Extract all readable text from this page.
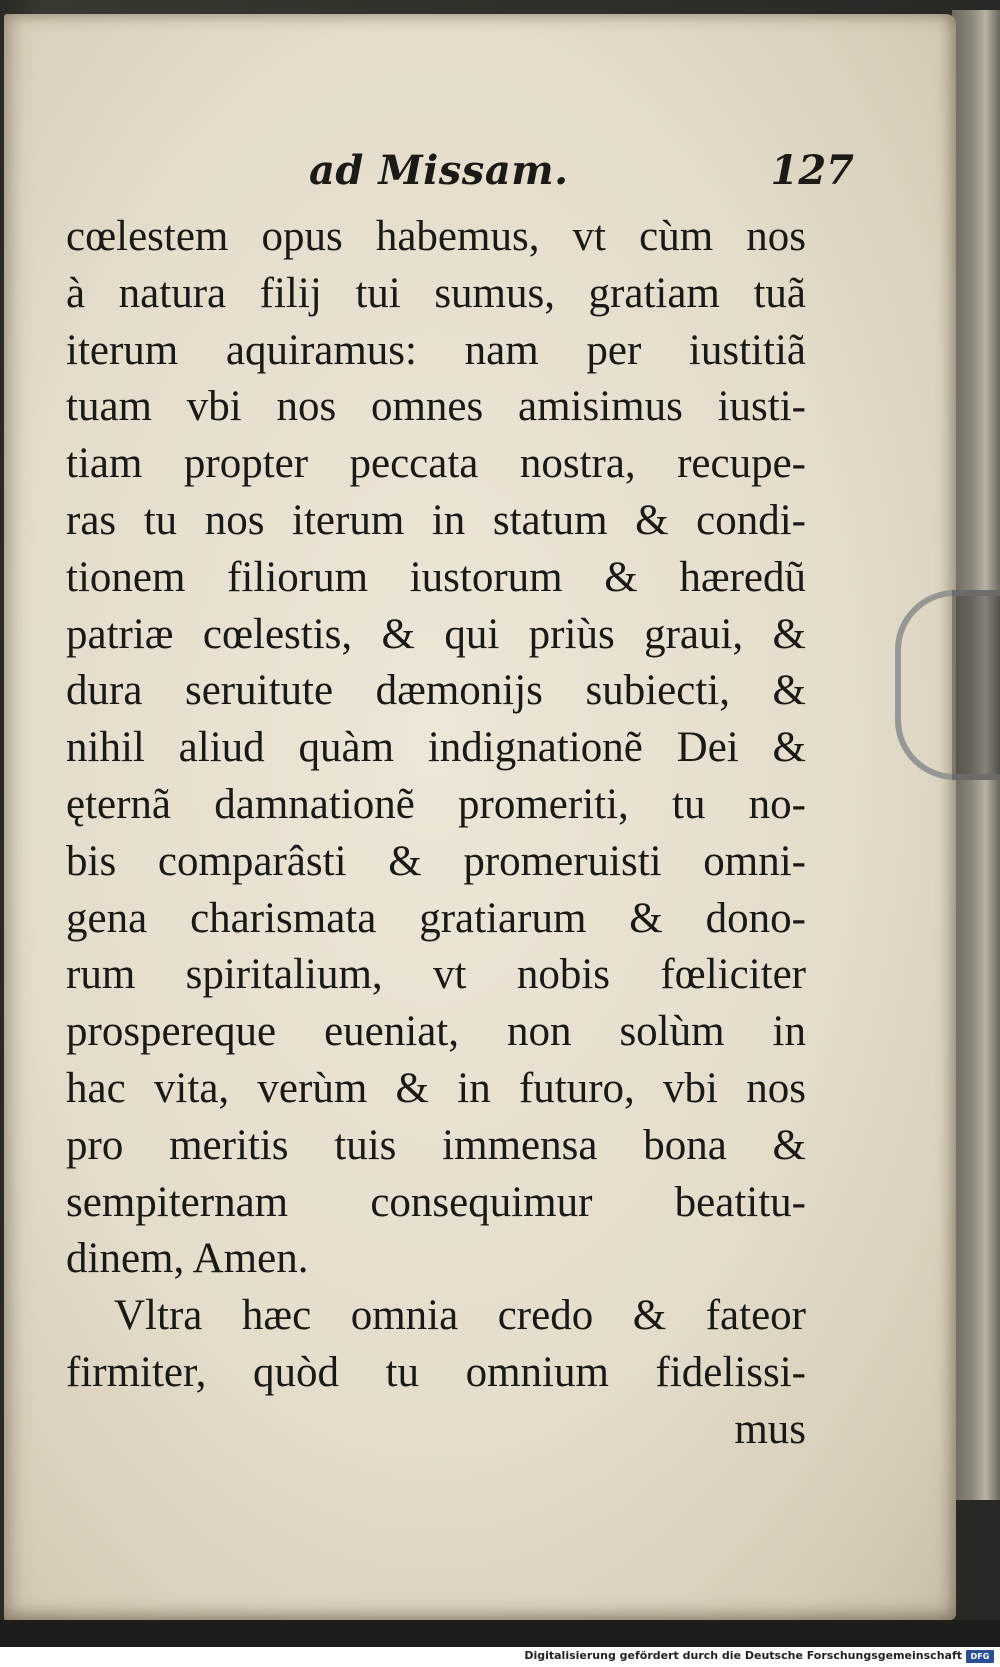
ad Missam.	127
cœlestem opus habemus, vt cùm nos
à natura filij tui sumus, gratiam tuã
iterum aquiramus: nam per iustitiã
tuam vbi nos omnes amisimus iusti-
tiam propter peccata nostra, recupe-
ras tu nos iterum in statum & condi-
tionem filiorum iustorum & hæredũ
patriæ cœlestis, & qui priùs graui, &
dura seruitute dæmonijs subiecti, &
nihil aliud quàm indignationẽ Dei &
ęternã damnationẽ promeriti, tu no-
bis comparâsti & promeruisti omni-
gena charismata gratiarum & dono-
rum spiritalium, vt nobis fœliciter
prospereque eueniat, non solùm in
hac vita, verùm & in futuro, vbi nos
pro meritis tuis immensa bona &
sempiternam consequimur beatitu-
dinem, Amen.
Vltra hæc omnia credo & fateor
firmiter, quòd tu omnium fidelissi-
mus
Digitalisierung gefördert durch die Deutsche Forschungsgemeinschaft	DFG
